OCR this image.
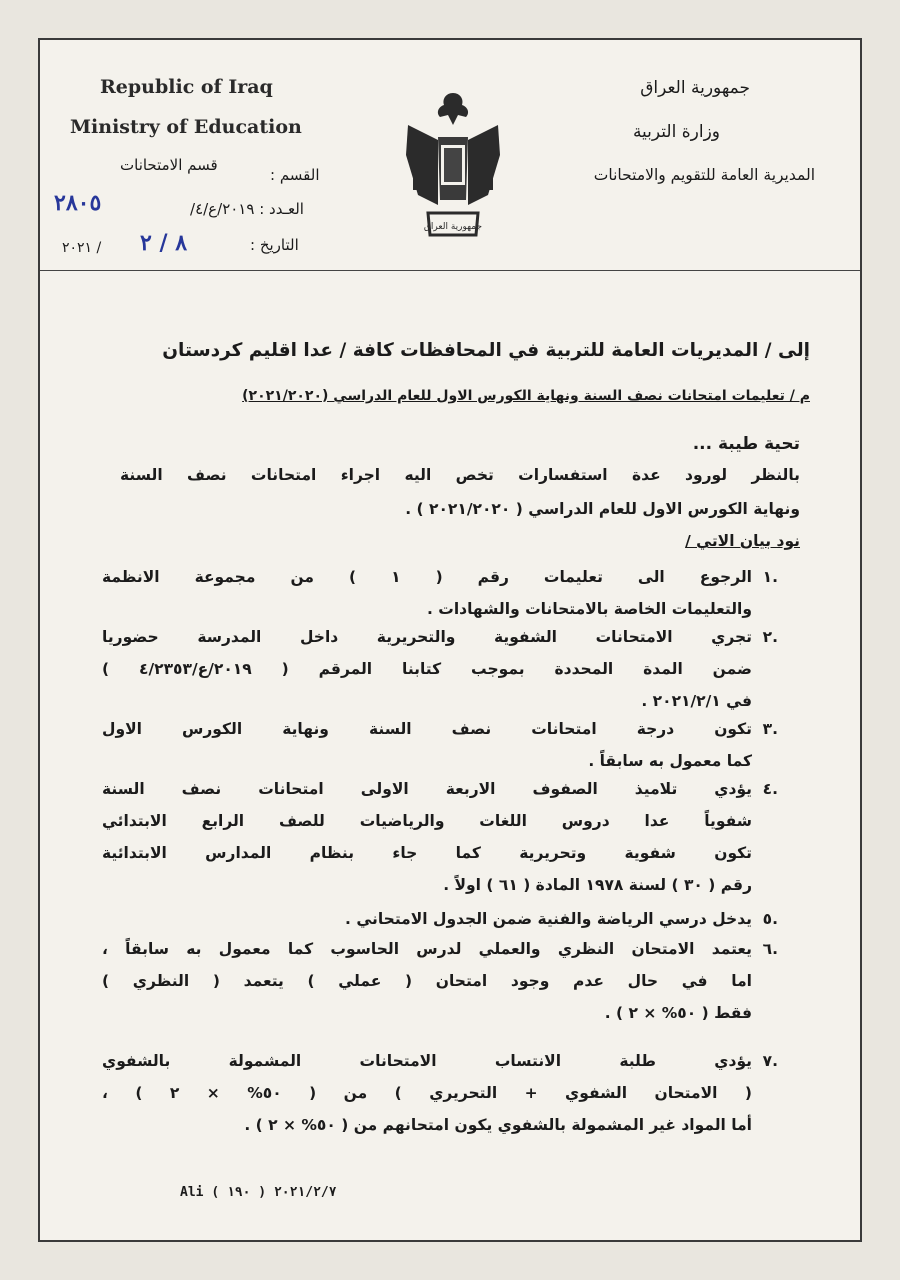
Republic of Iraq
Ministry of Education
جمهورية العراق
وزارة التربية
المديرية العامة للتقويم والامتحانات
قسم الامتحانات
القسم :
العـدد : ٢٠١٩/ع/٤/
٢٨٠٥
التاريخ :
٨ / ٢
/ ٢٠٢١
جمهورية العراق
إلى / المديريات العامة للتربية في المحافظات كافة / عدا اقليم كردستان
م / تعليمات امتحانات نصف السنة ونهاية الكورس الاول للعام الدراسي (٢٠٢١/٢٠٢٠)
تحية طيبة ...
بالنظر لورود عدة استفسارات تخص اليه اجراء امتحانات نصف السنة
ونهاية الكورس الاول للعام الدراسي ( ٢٠٢١/٢٠٢٠ ) .
نود بيان الاتي /
.١
الرجوع الى تعليمات رقم ( ١ ) من مجموعة الانظمة
والتعليمات الخاصة بالامتحانات والشهادات .
.٢
تجري الامتحانات الشفوية والتحريرية داخل المدرسة حضوريا
ضمن المدة المحددة بموجب كتابنا المرقم ( ٢٠١٩/ع/٤/٢٣٥٣ )
في ٢٠٢١/٢/١ .
.٣
تكون درجة امتحانات نصف السنة ونهاية الكورس الاول
كما معمول به سابقاً .
.٤
يؤدي تلاميذ الصفوف الاربعة الاولى امتحانات نصف السنة
شفوياً عدا دروس اللغات والرياضيات للصف الرابع الابتدائي
تكون شفوية وتحريرية كما جاء بنظام المدارس الابتدائية
رقم ( ٣٠ ) لسنة ١٩٧٨ المادة ( ٦١ ) اولاً .
.٥
يدخل درسي الرياضة والفنية ضمن الجدول الامتحاني .
.٦
يعتمد الامتحان النظري والعملي لدرس الحاسوب كما معمول به سابقاً ،
اما في حال عدم وجود امتحان ( عملي ) يتعمد ( النظري )
فقط ( ٥٠% × ٢ ) .
.٧
يؤدي طلبة الانتساب الامتحانات المشمولة بالشفوي
( الامتحان الشفوي + التحريري ) من ( ٥٠% × ٢ ) ،
أما المواد غير المشمولة بالشفوي يكون امتحانهم من ( ٥٠% × ٢ ) .
Ali ٢٠٢١/٢/٧ ( ١٩٠ )
